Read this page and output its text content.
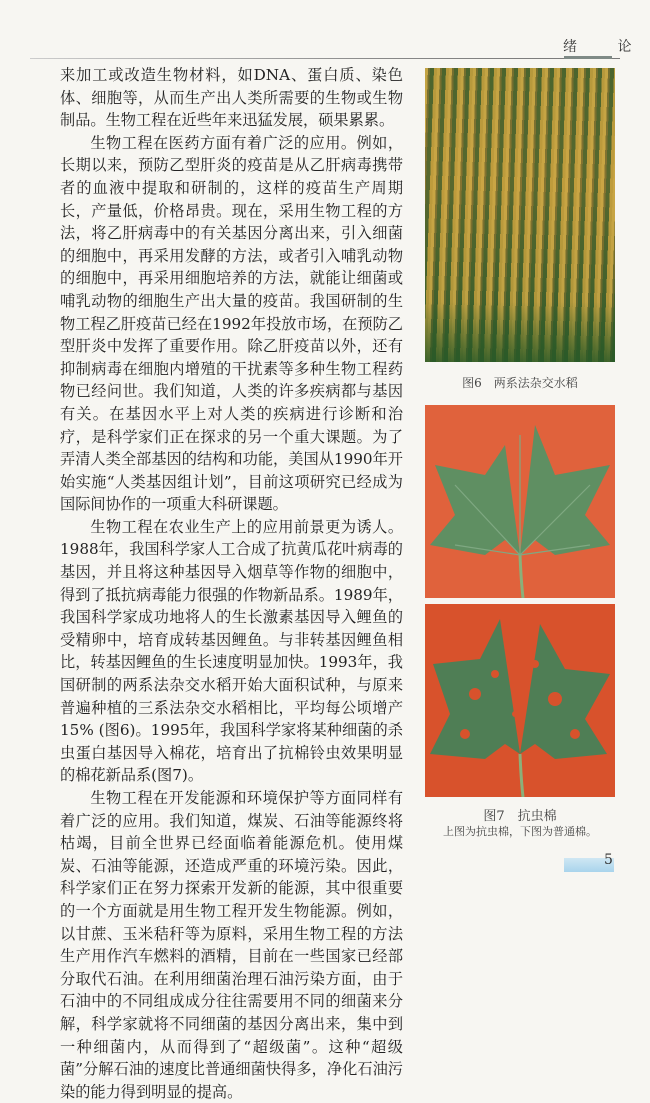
绪 论

来加工或改造生物材料，如DNA、蛋白质、染色体、细胞等，从而生产出人类所需要的生物或生物制品。生物工程在近些年来迅猛发展，硕果累累。

生物工程在医药方面有着广泛的应用。例如，长期以来，预防乙型肝炎的疫苗是从乙肝病毒携带者的血液中提取和研制的，这样的疫苗生产周期长，产量低，价格昂贵。现在，采用生物工程的方法，将乙肝病毒中的有关基因分离出来，引入细菌的细胞中，再采用发酵的方法，或者引入哺乳动物的细胞中，再采用细胞培养的方法，就能让细菌或哺乳动物的细胞生产出大量的疫苗。我国研制的生物工程乙肝疫苗已经在1992年投放市场，在预防乙型肝炎中发挥了重要作用。除乙肝疫苗以外，还有抑制病毒在细胞内增殖的干扰素等多种生物工程药物已经问世。我们知道，人类的许多疾病都与基因有关。在基因水平上对人类的疾病进行诊断和治疗，是科学家们正在探求的另一个重大课题。为了弄清人类全部基因的结构和功能，美国从1990年开始实施“人类基因组计划”，目前这项研究已经成为国际间协作的一项重大科研课题。

生物工程在农业生产上的应用前景更为诱人。1988年，我国科学家人工合成了抗黄瓜花叶病毒的基因，并且将这种基因导入烟草等作物的细胞中，得到了抵抗病毒能力很强的作物新品系。1989年，我国科学家成功地将人的生长激素基因导入鲤鱼的受精卵中，培育成转基因鲤鱼。与非转基因鲤鱼相比，转基因鲤鱼的生长速度明显加快。1993年，我国研制的两系法杂交水稻开始大面积试种，与原来普遍种植的三系法杂交水稻相比，平均每公顷增产15% (图6)。1995年，我国科学家将某种细菌的杀虫蛋白基因导入棉花，培育出了抗棉铃虫效果明显的棉花新品系(图7)。

生物工程在开发能源和环境保护等方面同样有着广泛的应用。我们知道，煤炭、石油等能源终将枯竭，目前全世界已经面临着能源危机。使用煤炭、石油等能源，还造成严重的环境污染。因此，科学家们正在努力探索开发新的能源，其中很重要的一个方面就是用生物工程开发生物能源。例如，以甘蔗、玉米秸秆等为原料，采用生物工程的方法生产用作汽车燃料的酒精，目前在一些国家已经部分取代石油。在利用细菌治理石油污染方面，由于石油中的不同组成成分往往需要用不同的细菌来分解，科学家就将不同细菌的基因分离出来，集中到一种细菌内，从而得到了“超级菌”。这种“超级菌”分解石油的速度比普通细菌快得多，净化石油污染的能力得到明显的提高。

图6　两系法杂交水稻
图7　抗虫棉
上图为抗虫棉，下图为普通棉。
5
